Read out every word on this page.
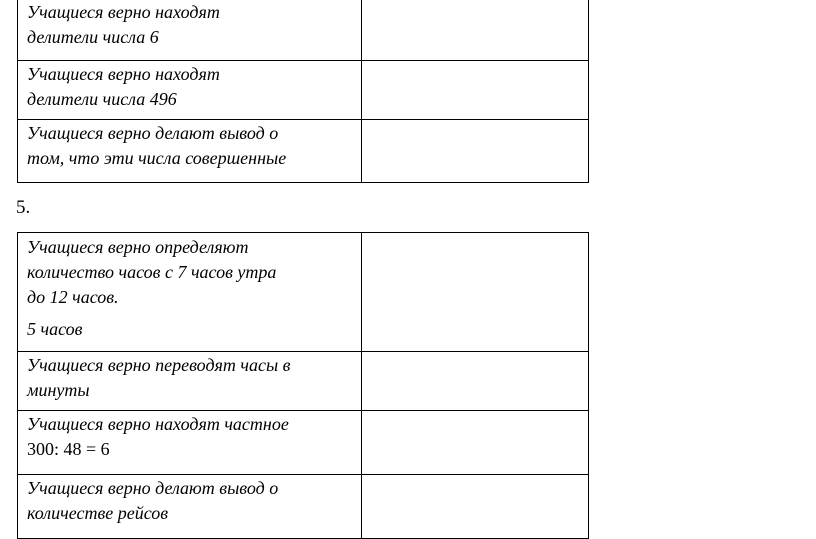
Учащиеся верно находят
делители числа 6	

Учащиеся верно находят
делители числа 496	

Учащиеся верно делают вывод о
том, что эти числа совершенные	

5.

Учащиеся верно определяют
количество часов с 7 часов утра
до 12 часов.
5 часов	

Учащиеся верно переводят часы в
минуты	

Учащиеся верно находят частное
300: 48 = 6	

Учащиеся верно делают вывод о
количестве рейсов	
